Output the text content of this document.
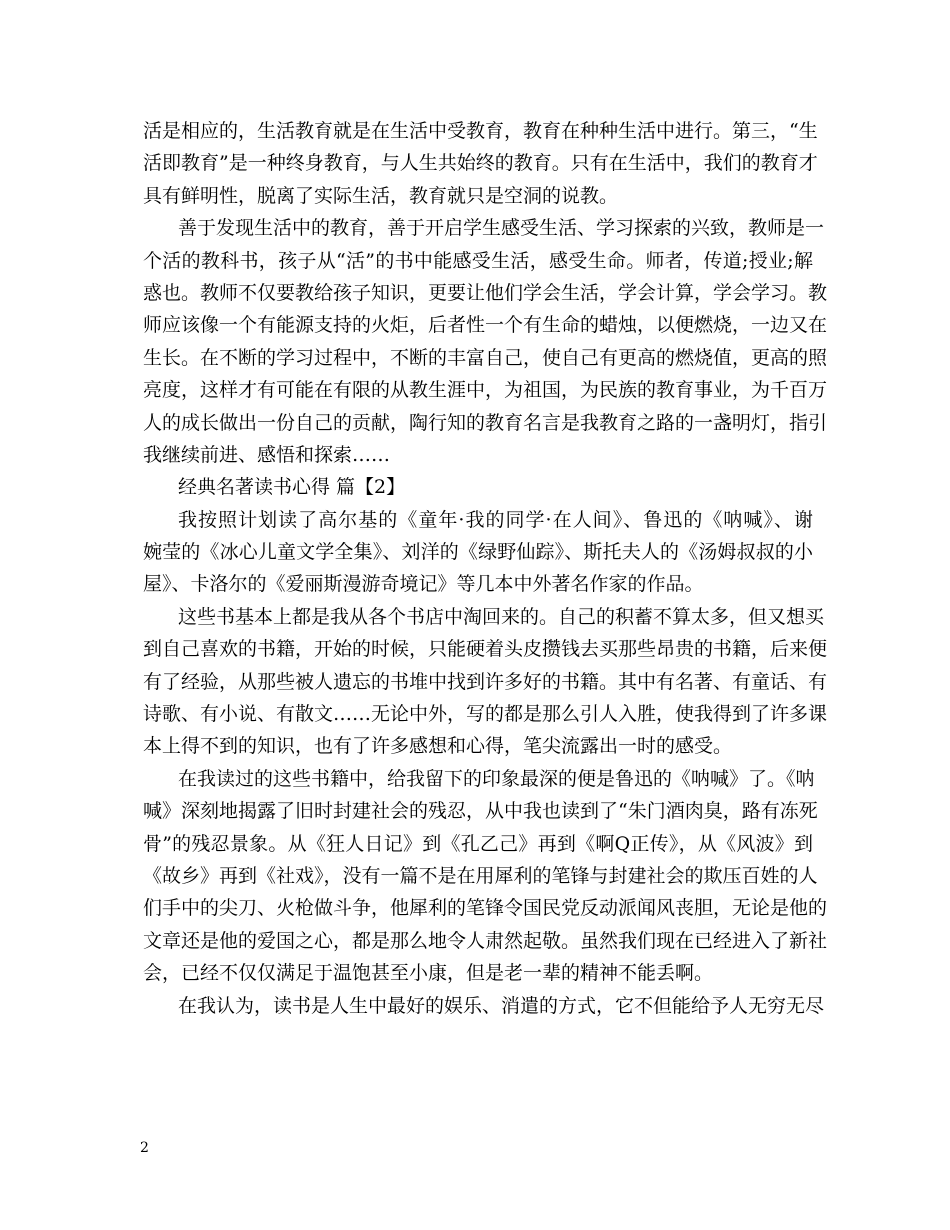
活是相应的，生活教育就是在生活中受教育，教育在种种生活中进行。第三，“生
活即教育”是一种终身教育，与人生共始终的教育。只有在生活中，我们的教育才
具有鲜明性，脱离了实际生活，教育就只是空洞的说教。
善于发现生活中的教育，善于开启学生感受生活、学习探索的兴致，教师是一
个活的教科书，孩子从“活”的书中能感受生活，感受生命。师者，传道;授业;解
惑也。教师不仅要教给孩子知识，更要让他们学会生活，学会计算，学会学习。教
师应该像一个有能源支持的火炬，后者性一个有生命的蜡烛，以便燃烧，一边又在
生长。在不断的学习过程中，不断的丰富自己，使自己有更高的燃烧值，更高的照
亮度，这样才有可能在有限的从教生涯中，为祖国，为民族的教育事业，为千百万
人的成长做出一份自己的贡献，陶行知的教育名言是我教育之路的一盏明灯，指引
我继续前进、感悟和探索……
经典名著读书心得 篇【2】
我按照计划读了高尔基的《童年·我的同学·在人间》、鲁迅的《呐喊》、谢
婉莹的《冰心儿童文学全集》、刘洋的《绿野仙踪》、斯托夫人的《汤姆叔叔的小
屋》、卡洛尔的《爱丽斯漫游奇境记》等几本中外著名作家的作品。
这些书基本上都是我从各个书店中淘回来的。自己的积蓄不算太多，但又想买
到自己喜欢的书籍，开始的时候，只能硬着头皮攒钱去买那些昂贵的书籍，后来便
有了经验，从那些被人遗忘的书堆中找到许多好的书籍。其中有名著、有童话、有
诗歌、有小说、有散文……无论中外，写的都是那么引人入胜，使我得到了许多课
本上得不到的知识，也有了许多感想和心得，笔尖流露出一时的感受。
在我读过的这些书籍中，给我留下的印象最深的便是鲁迅的《呐喊》了。《呐
喊》深刻地揭露了旧时封建社会的残忍，从中我也读到了“朱门酒肉臭，路有冻死
骨”的残忍景象。从《狂人日记》到《孔乙己》再到《啊Q正传》，从《风波》到
《故乡》再到《社戏》，没有一篇不是在用犀利的笔锋与封建社会的欺压百姓的人
们手中的尖刀、火枪做斗争，他犀利的笔锋令国民党反动派闻风丧胆，无论是他的
文章还是他的爱国之心，都是那么地令人肃然起敬。虽然我们现在已经进入了新社
会，已经不仅仅满足于温饱甚至小康，但是老一辈的精神不能丢啊。
在我认为，读书是人生中最好的娱乐、消遣的方式，它不但能给予人无穷无尽
2
